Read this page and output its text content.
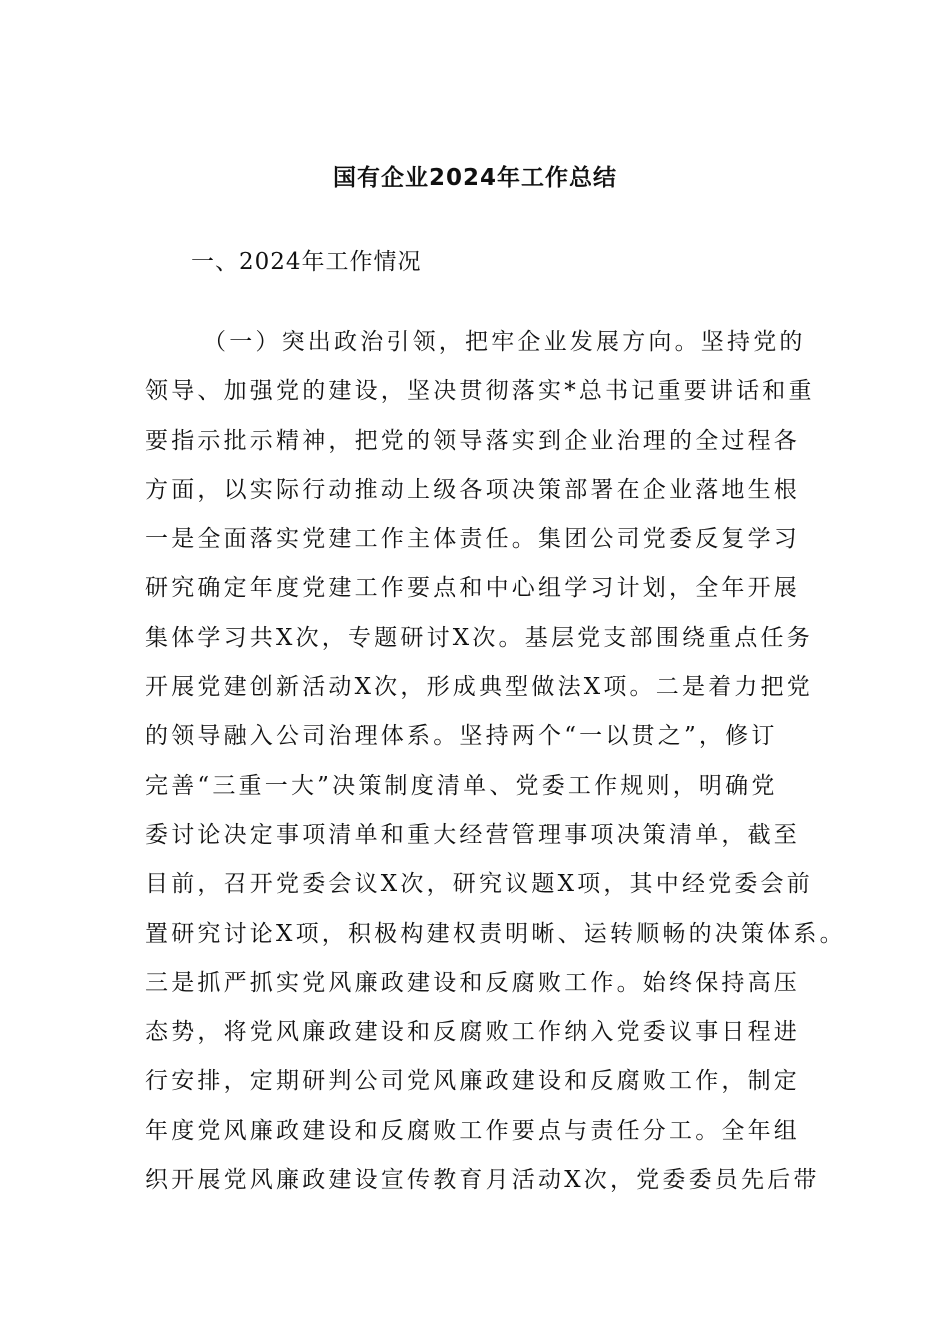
国有企业2024年工作总结
一、2024年工作情况
（一）突出政治引领，把牢企业发展方向。坚持党的
领导、加强党的建设，坚决贯彻落实*总书记重要讲话和重
要指示批示精神，把党的领导落实到企业治理的全过程各
方面，以实际行动推动上级各项决策部署在企业落地生根
一是全面落实党建工作主体责任。集团公司党委反复学习
研究确定年度党建工作要点和中心组学习计划，全年开展
集体学习共X次，专题研讨X次。基层党支部围绕重点任务
开展党建创新活动X次，形成典型做法X项。二是着力把党
的领导融入公司治理体系。坚持两个“一以贯之”，修订
完善“三重一大”决策制度清单、党委工作规则，明确党
委讨论决定事项清单和重大经营管理事项决策清单，截至
目前，召开党委会议X次，研究议题X项，其中经党委会前
置研究讨论X项，积极构建权责明晰、运转顺畅的决策体系。
三是抓严抓实党风廉政建设和反腐败工作。始终保持高压
态势，将党风廉政建设和反腐败工作纳入党委议事日程进
行安排，定期研判公司党风廉政建设和反腐败工作，制定
年度党风廉政建设和反腐败工作要点与责任分工。全年组
织开展党风廉政建设宣传教育月活动X次，党委委员先后带
